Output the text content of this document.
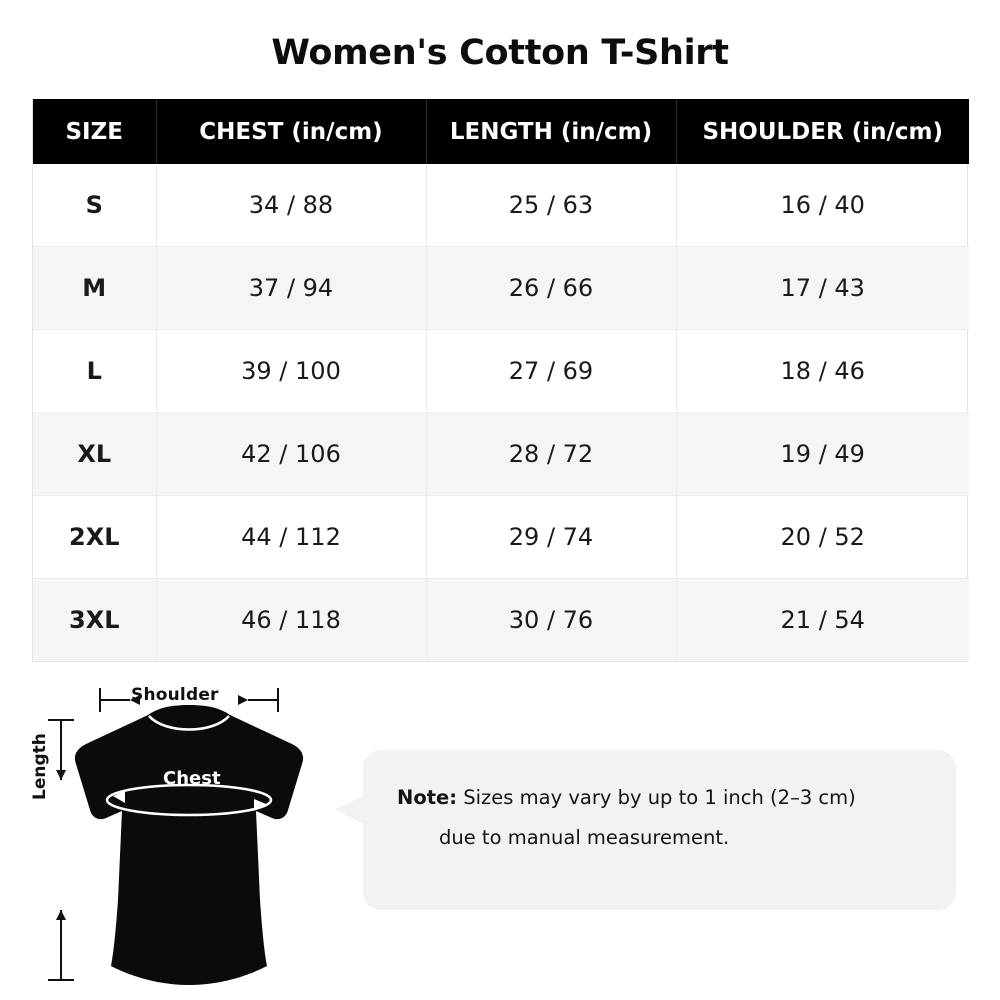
Women's Cotton T-Shirt
SIZE	CHEST (in/cm)	LENGTH (in/cm)	SHOULDER (in/cm)
S	34 / 88	25 / 63	16 / 40
M	37 / 94	26 / 66	17 / 43
L	39 / 100	27 / 69	18 / 46
XL	42 / 106	28 / 72	19 / 49
2XL	44 / 112	29 / 74	20 / 52
3XL	46 / 118	30 / 76	21 / 54
Shoulder
Length	Chest
Note: Sizes may vary by up to 1 inch (2–3 cm)
due to manual measurement.
